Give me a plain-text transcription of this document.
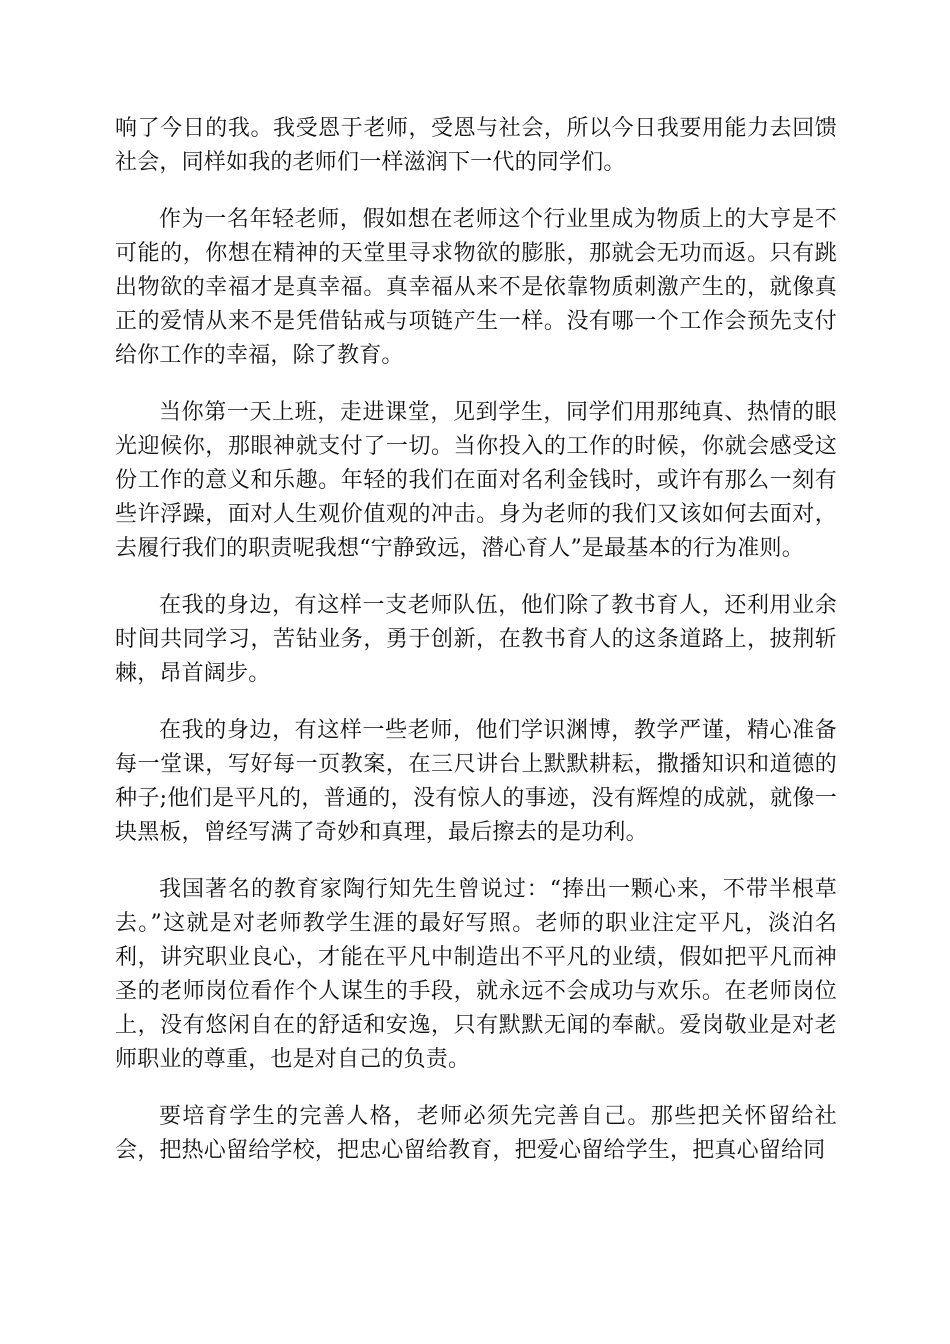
响了今日的我。我受恩于老师，受恩与社会，所以今日我要用能力去回馈社会，同样如我的老师们一样滋润下一代的同学们。

作为一名年轻老师，假如想在老师这个行业里成为物质上的大亨是不可能的，你想在精神的天堂里寻求物欲的膨胀，那就会无功而返。只有跳出物欲的幸福才是真幸福。真幸福从来不是依靠物质刺激产生的，就像真正的爱情从来不是凭借钻戒与项链产生一样。没有哪一个工作会预先支付给你工作的幸福，除了教育。

当你第一天上班，走进课堂，见到学生，同学们用那纯真、热情的眼光迎候你，那眼神就支付了一切。当你投入的工作的时候，你就会感受这份工作的意义和乐趣。年轻的我们在面对名利金钱时，或许有那么一刻有些许浮躁，面对人生观价值观的冲击。身为老师的我们又该如何去面对，去履行我们的职责呢我想“宁静致远，潜心育人”是最基本的行为准则。

在我的身边，有这样一支老师队伍，他们除了教书育人，还利用业余时间共同学习，苦钻业务，勇于创新，在教书育人的这条道路上，披荆斩棘，昂首阔步。

在我的身边，有这样一些老师，他们学识渊博，教学严谨，精心准备每一堂课，写好每一页教案，在三尺讲台上默默耕耘，撒播知识和道德的种子;他们是平凡的，普通的，没有惊人的事迹，没有辉煌的成就，就像一块黑板，曾经写满了奇妙和真理，最后擦去的是功利。

我国著名的教育家陶行知先生曾说过：“捧出一颗心来，不带半根草去。”这就是对老师教学生涯的最好写照。老师的职业注定平凡，淡泊名利，讲究职业良心，才能在平凡中制造出不平凡的业绩，假如把平凡而神圣的老师岗位看作个人谋生的手段，就永远不会成功与欢乐。在老师岗位上，没有悠闲自在的舒适和安逸，只有默默无闻的奉献。爱岗敬业是对老师职业的尊重，也是对自己的负责。

要培育学生的完善人格，老师必须先完善自己。那些把关怀留给社会，把热心留给学校，把忠心留给教育，把爱心留给学生，把真心留给同
